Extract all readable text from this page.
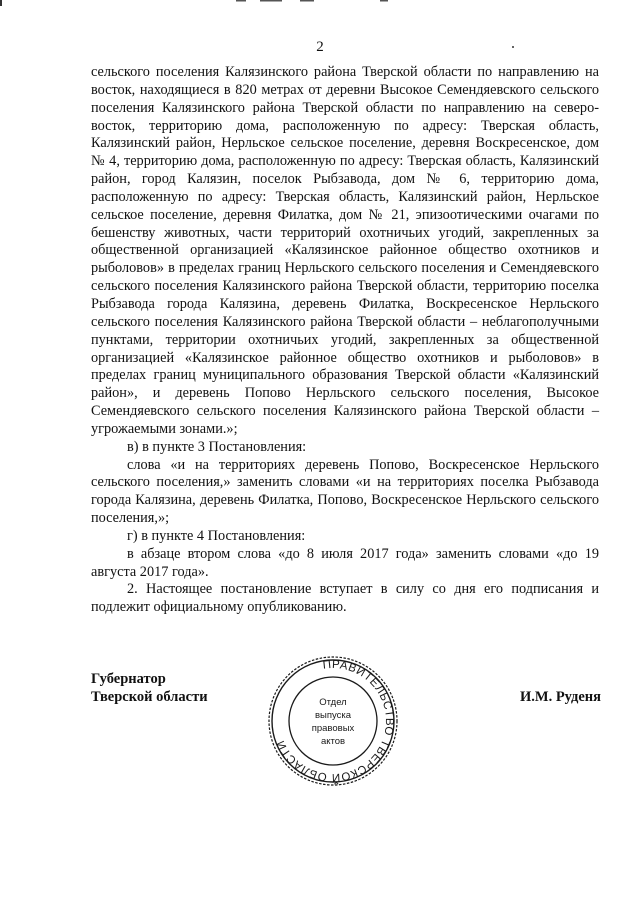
2

сельского поселения Калязинского района Тверской области по направлению на восток, находящиеся в 820 метрах от деревни Высокое Семендяевского сельского поселения Калязинского района Тверской области по направлению на северо-восток, территорию дома, расположенную по адресу: Тверская область, Калязинский район, Нерльское сельское поселение, деревня Воскресенское, дом № 4, территорию дома, расположенную по адресу: Тверская область, Калязинский район, город Калязин, поселок Рыбзавода, дом № 6, территорию дома, расположенную по адресу: Тверская область, Калязинский район, Нерльское сельское поселение, деревня Филатка, дом № 21, эпизоотическими очагами по бешенству животных, части территорий охотничьих угодий, закрепленных за общественной организацией «Калязинское районное общество охотников и рыболовов» в пределах границ Нерльского сельского поселения и Семендяевского сельского поселения Калязинского района Тверской области, территорию поселка Рыбзавода города Калязина, деревень Филатка, Воскресенское Нерльского сельского поселения Калязинского района Тверской области – неблагополучными пунктами, территории охотничьих угодий, закрепленных за общественной организацией «Калязинское районное общество охотников и рыболовов» в пределах границ муниципального образования Тверской области «Калязинский район», и деревень Попово Нерльского сельского поселения, Высокое Семендяевского сельского поселения Калязинского района Тверской области – угрожаемыми зонами.»;

в) в пункте 3 Постановления:

слова «и на территориях деревень Попово, Воскресенское Нерльского сельского поселения,» заменить словами «и на территориях поселка Рыбзавода города Калязина, деревень Филатка, Попово, Воскресенское Нерльского сельского поселения,»;

г) в пункте 4 Постановления:

в абзаце втором слова «до 8 июля 2017 года» заменить словами «до 19 августа 2017 года».

2. Настоящее постановление вступает в силу со дня его подписания и подлежит официальному опубликованию.

Губернатор
Тверской области
ПРАВИТЕЛЬСТВО ТВЕРСКОЙ ОБЛАСТИ
Отдел
выпуска
правовых
актов
И.М. Руденя
